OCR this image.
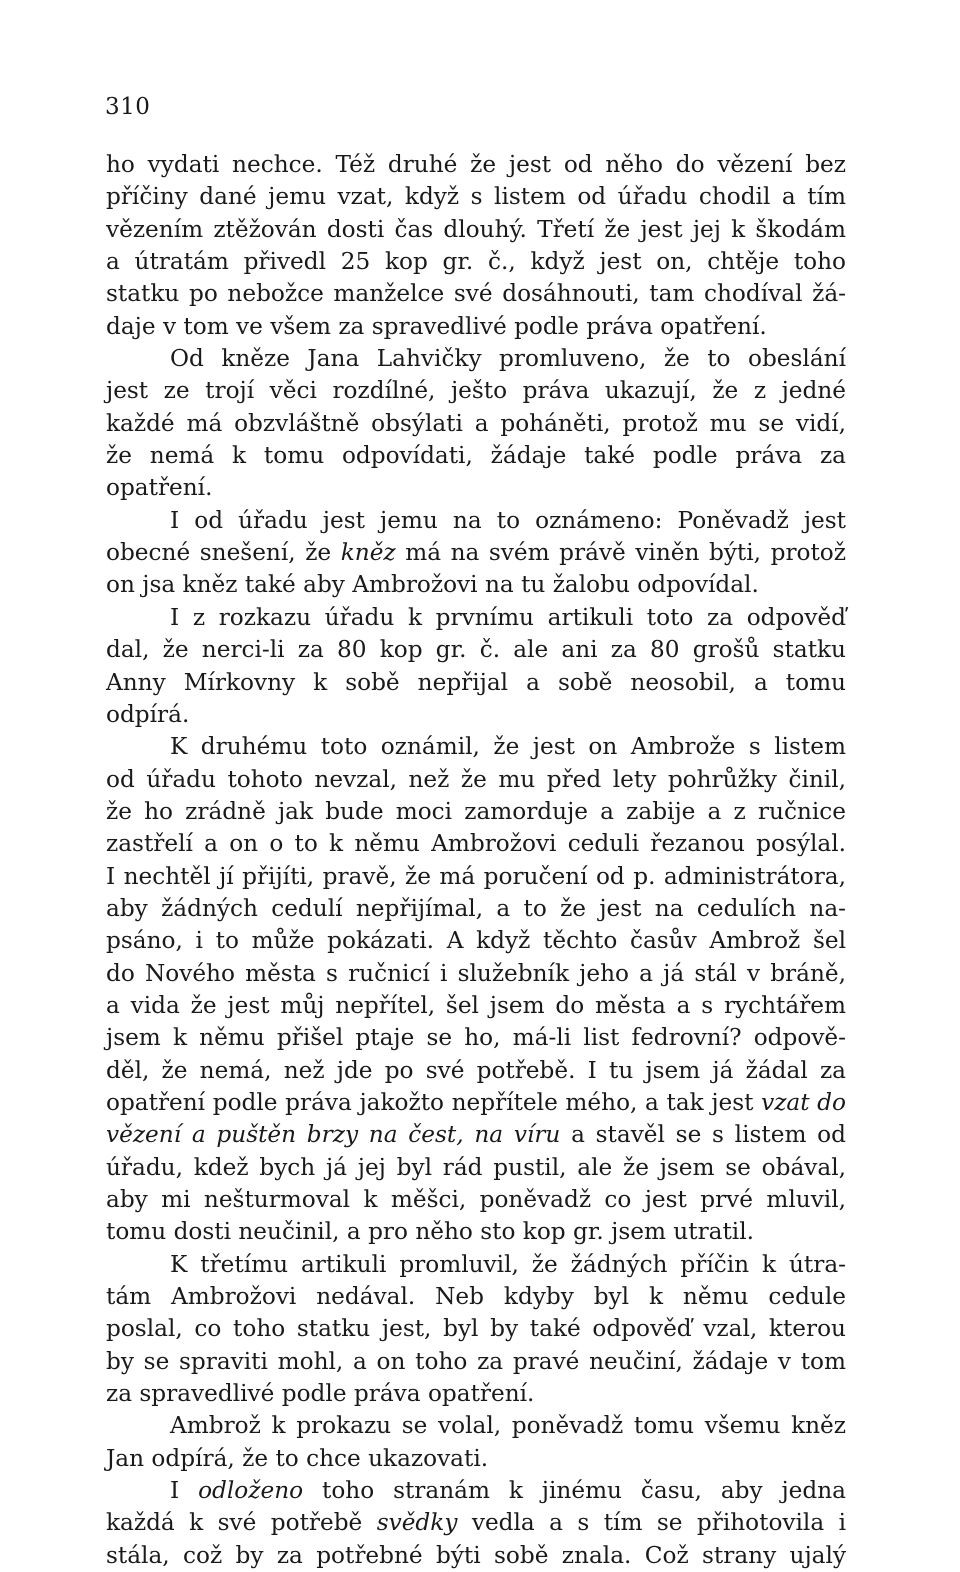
310
ho vydati nechce. Též druhé že jest od něho do vězení bez
příčiny dané jemu vzat, když s listem od úřadu chodil a tím
vězením ztěžován dosti čas dlouhý. Třetí že jest jej k škodám
a útratám přivedl 25 kop gr. č., když jest on, chtěje toho
statku po nebožce manželce své dosáhnouti, tam chodíval žá-
daje v tom ve všem za spravedlivé podle práva opatření.
Od kněze Jana Lahvičky promluveno, že to obeslání
jest ze trojí věci rozdílné, ješto práva ukazují, že z jedné
každé má obzvláštně obsýlati a poháněti, protož mu se vidí,
že nemá k tomu odpovídati, žádaje také podle práva za
opatření.
I od úřadu jest jemu na to oznámeno: Poněvadž jest
obecné snešení, že kněz má na svém právě viněn býti, protož
on jsa kněz také aby Ambrožovi na tu žalobu odpovídal.
I z rozkazu úřadu k prvnímu artikuli toto za odpověď
dal, že nerci-li za 80 kop gr. č. ale ani za 80 grošů statku
Anny Mírkovny k sobě nepřijal a sobě neosobil, a tomu
odpírá.
K druhému toto oznámil, že jest on Ambrože s listem
od úřadu tohoto nevzal, než že mu před lety pohrůžky činil,
že ho zrádně jak bude moci zamorduje a zabije a z ručnice
zastřelí a on o to k němu Ambrožovi ceduli řezanou posýlal.
I nechtěl jí přijíti, pravě, že má poručení od p. administrátora,
aby žádných cedulí nepřijímal, a to že jest na cedulích na-
psáno, i to může pokázati. A když těchto časův Ambrož šel
do Nového města s ručnicí i služebník jeho a já stál v bráně,
a vida že jest můj nepřítel, šel jsem do města a s rychtářem
jsem k němu přišel ptaje se ho, má-li list fedrovní? odpově-
děl, že nemá, než jde po své potřebě. I tu jsem já žádal za
opatření podle práva jakožto nepřítele mého, a tak jest vzat do
vězení a puštěn brzy na čest, na víru a stavěl se s listem od
úřadu, kdež bych já jej byl rád pustil, ale že jsem se obával,
aby mi nešturmoval k měšci, poněvadž co jest prvé mluvil,
tomu dosti neučinil, a pro něho sto kop gr. jsem utratil.
K třetímu artikuli promluvil, že žádných příčin k útra-
tám Ambrožovi nedával. Neb kdyby byl k němu cedule
poslal, co toho statku jest, byl by také odpověď vzal, kterou
by se spraviti mohl, a on toho za pravé neučiní, žádaje v tom
za spravedlivé podle práva opatření.
Ambrož k prokazu se volal, poněvadž tomu všemu kněz
Jan odpírá, že to chce ukazovati.
I odloženo toho stranám k jinému času, aby jedna
každá k své potřebě svědky vedla a s tím se přihotovila i
stála, což by za potřebné býti sobě znala. Což strany ujalý
